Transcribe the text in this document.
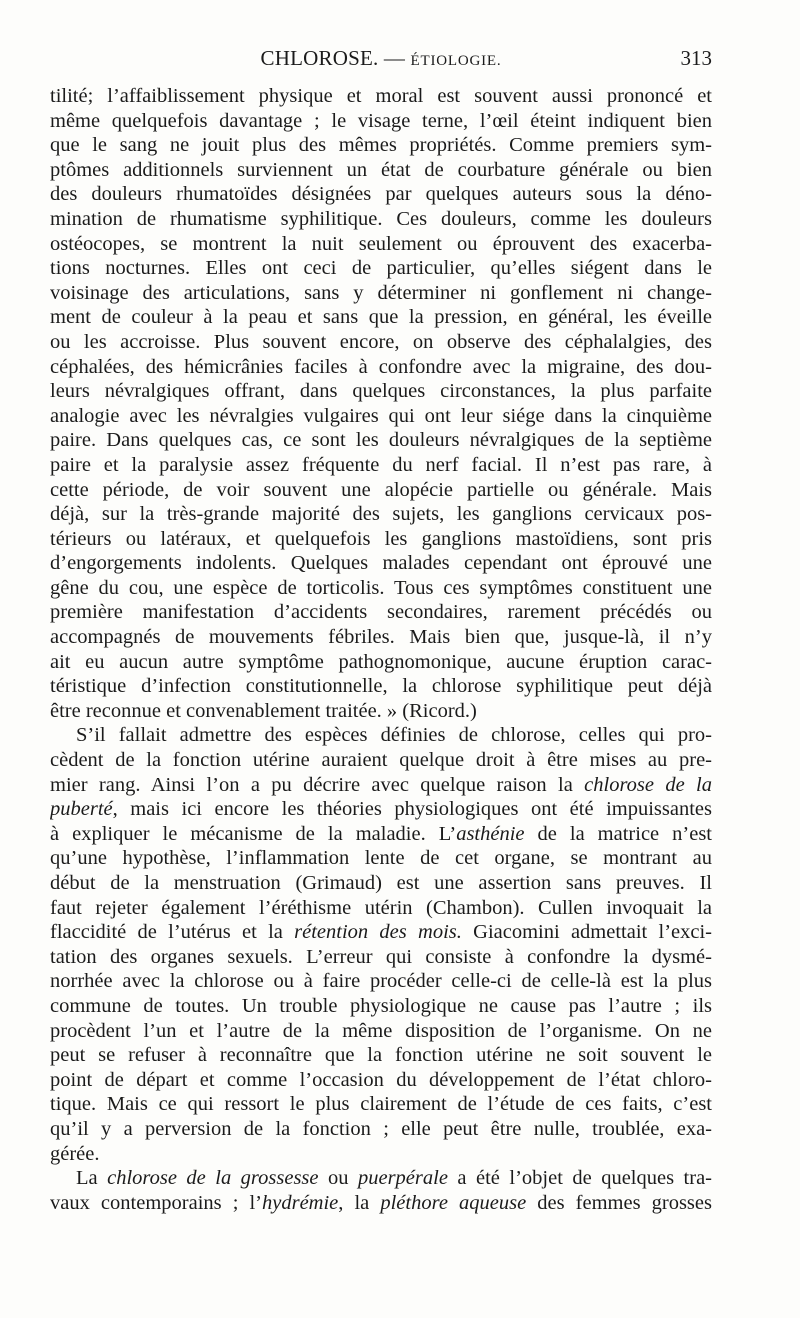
CHLOROSE. — ÉTIOLOGIE.	313
tilité; l’affaiblissement physique et moral est souvent aussi prononcé et
même quelquefois davantage ; le visage terne, l’œil éteint indiquent bien
que le sang ne jouit plus des mêmes propriétés. Comme premiers sym-
ptômes additionnels surviennent un état de courbature générale ou bien
des douleurs rhumatoïdes désignées par quelques auteurs sous la déno-
mination de rhumatisme syphilitique. Ces douleurs, comme les douleurs
ostéocopes, se montrent la nuit seulement ou éprouvent des exacerba-
tions nocturnes. Elles ont ceci de particulier, qu’elles siégent dans le
voisinage des articulations, sans y déterminer ni gonflement ni change-
ment de couleur à la peau et sans que la pression, en général, les éveille
ou les accroisse. Plus souvent encore, on observe des céphalalgies, des
céphalées, des hémicrânies faciles à confondre avec la migraine, des dou-
leurs névralgiques offrant, dans quelques circonstances, la plus parfaite
analogie avec les névralgies vulgaires qui ont leur siége dans la cinquième
paire. Dans quelques cas, ce sont les douleurs névralgiques de la septième
paire et la paralysie assez fréquente du nerf facial. Il n’est pas rare, à
cette période, de voir souvent une alopécie partielle ou générale. Mais
déjà, sur la très-grande majorité des sujets, les ganglions cervicaux pos-
térieurs ou latéraux, et quelquefois les ganglions mastoïdiens, sont pris
d’engorgements indolents. Quelques malades cependant ont éprouvé une
gêne du cou, une espèce de torticolis. Tous ces symptômes constituent une
première manifestation d’accidents secondaires, rarement précédés ou
accompagnés de mouvements fébriles. Mais bien que, jusque-là, il n’y
ait eu aucun autre symptôme pathognomonique, aucune éruption carac-
téristique d’infection constitutionnelle, la chlorose syphilitique peut déjà
être reconnue et convenablement traitée. » (Ricord.)
S’il fallait admettre des espèces définies de chlorose, celles qui pro-
cèdent de la fonction utérine auraient quelque droit à être mises au pre-
mier rang. Ainsi l’on a pu décrire avec quelque raison la chlorose de la
puberté, mais ici encore les théories physiologiques ont été impuissantes
à expliquer le mécanisme de la maladie. L’asthénie de la matrice n’est
qu’une hypothèse, l’inflammation lente de cet organe, se montrant au
début de la menstruation (Grimaud) est une assertion sans preuves. Il
faut rejeter également l’éréthisme utérin (Chambon). Cullen invoquait la
flaccidité de l’utérus et la rétention des mois. Giacomini admettait l’exci-
tation des organes sexuels. L’erreur qui consiste à confondre la dysmé-
norrhée avec la chlorose ou à faire procéder celle-ci de celle-là est la plus
commune de toutes. Un trouble physiologique ne cause pas l’autre ; ils
procèdent l’un et l’autre de la même disposition de l’organisme. On ne
peut se refuser à reconnaître que la fonction utérine ne soit souvent le
point de départ et comme l’occasion du développement de l’état chloro-
tique. Mais ce qui ressort le plus clairement de l’étude de ces faits, c’est
qu’il y a perversion de la fonction ; elle peut être nulle, troublée, exa-
gérée.
La chlorose de la grossesse ou puerpérale a été l’objet de quelques tra-
vaux contemporains ; l’hydrémie, la pléthore aqueuse des femmes grosses
